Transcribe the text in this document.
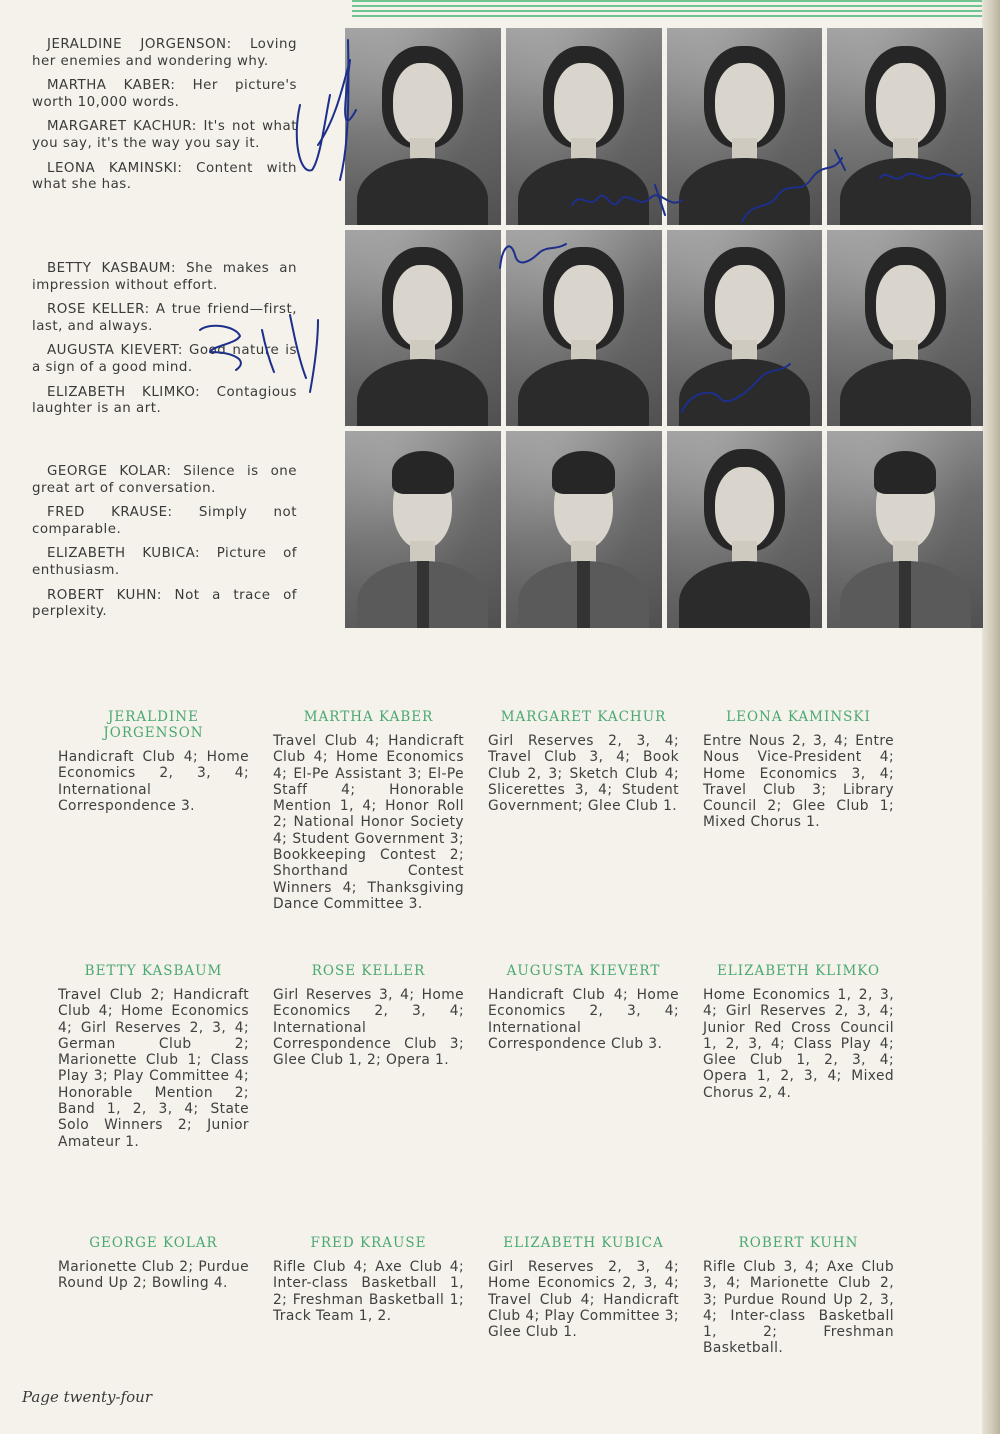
JERALDINE JORGENSON: Loving her enemies and wondering why.

MARTHA KABER: Her picture's worth 10,000 words.

MARGARET KACHUR: It's not what you say, it's the way you say it.

LEONA KAMINSKI: Content with what she has.

BETTY KASBAUM: She makes an impression without effort.

ROSE KELLER: A true friend—first, last, and always.

AUGUSTA KIEVERT: Good nature is a sign of a good mind.

ELIZABETH KLIMKO: Contagious laughter is an art.

GEORGE KOLAR: Silence is one great art of conversation.

FRED KRAUSE: Simply not comparable.

ELIZABETH KUBICA: Picture of enthusiasm.

ROBERT KUHN: Not a trace of perplexity.

JERALDINE JORGENSON

Handicraft Club 4; Home Economics 2, 3, 4; International Correspondence 3.

MARTHA KABER

Travel Club 4; Handicraft Club 4; Home Economics 4; El-Pe Assistant 3; El-Pe Staff 4; Honorable Mention 1, 4; Honor Roll 2; National Honor Society 4; Student Government 3; Bookkeeping Contest 2; Shorthand Contest Winners 4; Thanksgiving Dance Committee 3.

MARGARET KACHUR

Girl Reserves 2, 3, 4; Travel Club 3, 4; Book Club 2, 3; Sketch Club 4; Slicerettes 3, 4; Student Government; Glee Club 1.

LEONA KAMINSKI

Entre Nous 2, 3, 4; Entre Nous Vice-President 4; Home Economics 3, 4; Travel Club 3; Library Council 2; Glee Club 1; Mixed Chorus 1.

BETTY KASBAUM

Travel Club 2; Handicraft Club 4; Home Economics 4; Girl Reserves 2, 3, 4; German Club 2; Marionette Club 1; Class Play 3; Play Committee 4; Honorable Mention 2; Band 1, 2, 3, 4; State Solo Winners 2; Junior Amateur 1.

ROSE KELLER

Girl Reserves 3, 4; Home Economics 2, 3, 4; International Correspondence Club 3; Glee Club 1, 2; Opera 1.

AUGUSTA KIEVERT

Handicraft Club 4; Home Economics 2, 3, 4; International Correspondence Club 3.

ELIZABETH KLIMKO

Home Economics 1, 2, 3, 4; Girl Reserves 2, 3, 4; Junior Red Cross Council 1, 2, 3, 4; Class Play 4; Glee Club 1, 2, 3, 4; Opera 1, 2, 3, 4; Mixed Chorus 2, 4.

GEORGE KOLAR

Marionette Club 2; Purdue Round Up 2; Bowling 4.

FRED KRAUSE

Rifle Club 4; Axe Club 4; Inter-class Basketball 1, 2; Freshman Basketball 1; Track Team 1, 2.

ELIZABETH KUBICA

Girl Reserves 2, 3, 4; Home Economics 2, 3, 4; Travel Club 4; Handicraft Club 4; Play Committee 3; Glee Club 1.

ROBERT KUHN

Rifle Club 3, 4; Axe Club 3, 4; Marionette Club 2, 3; Purdue Round Up 2, 3, 4; Inter-class Basketball 1, 2; Freshman Basketball.

Page twenty-four
